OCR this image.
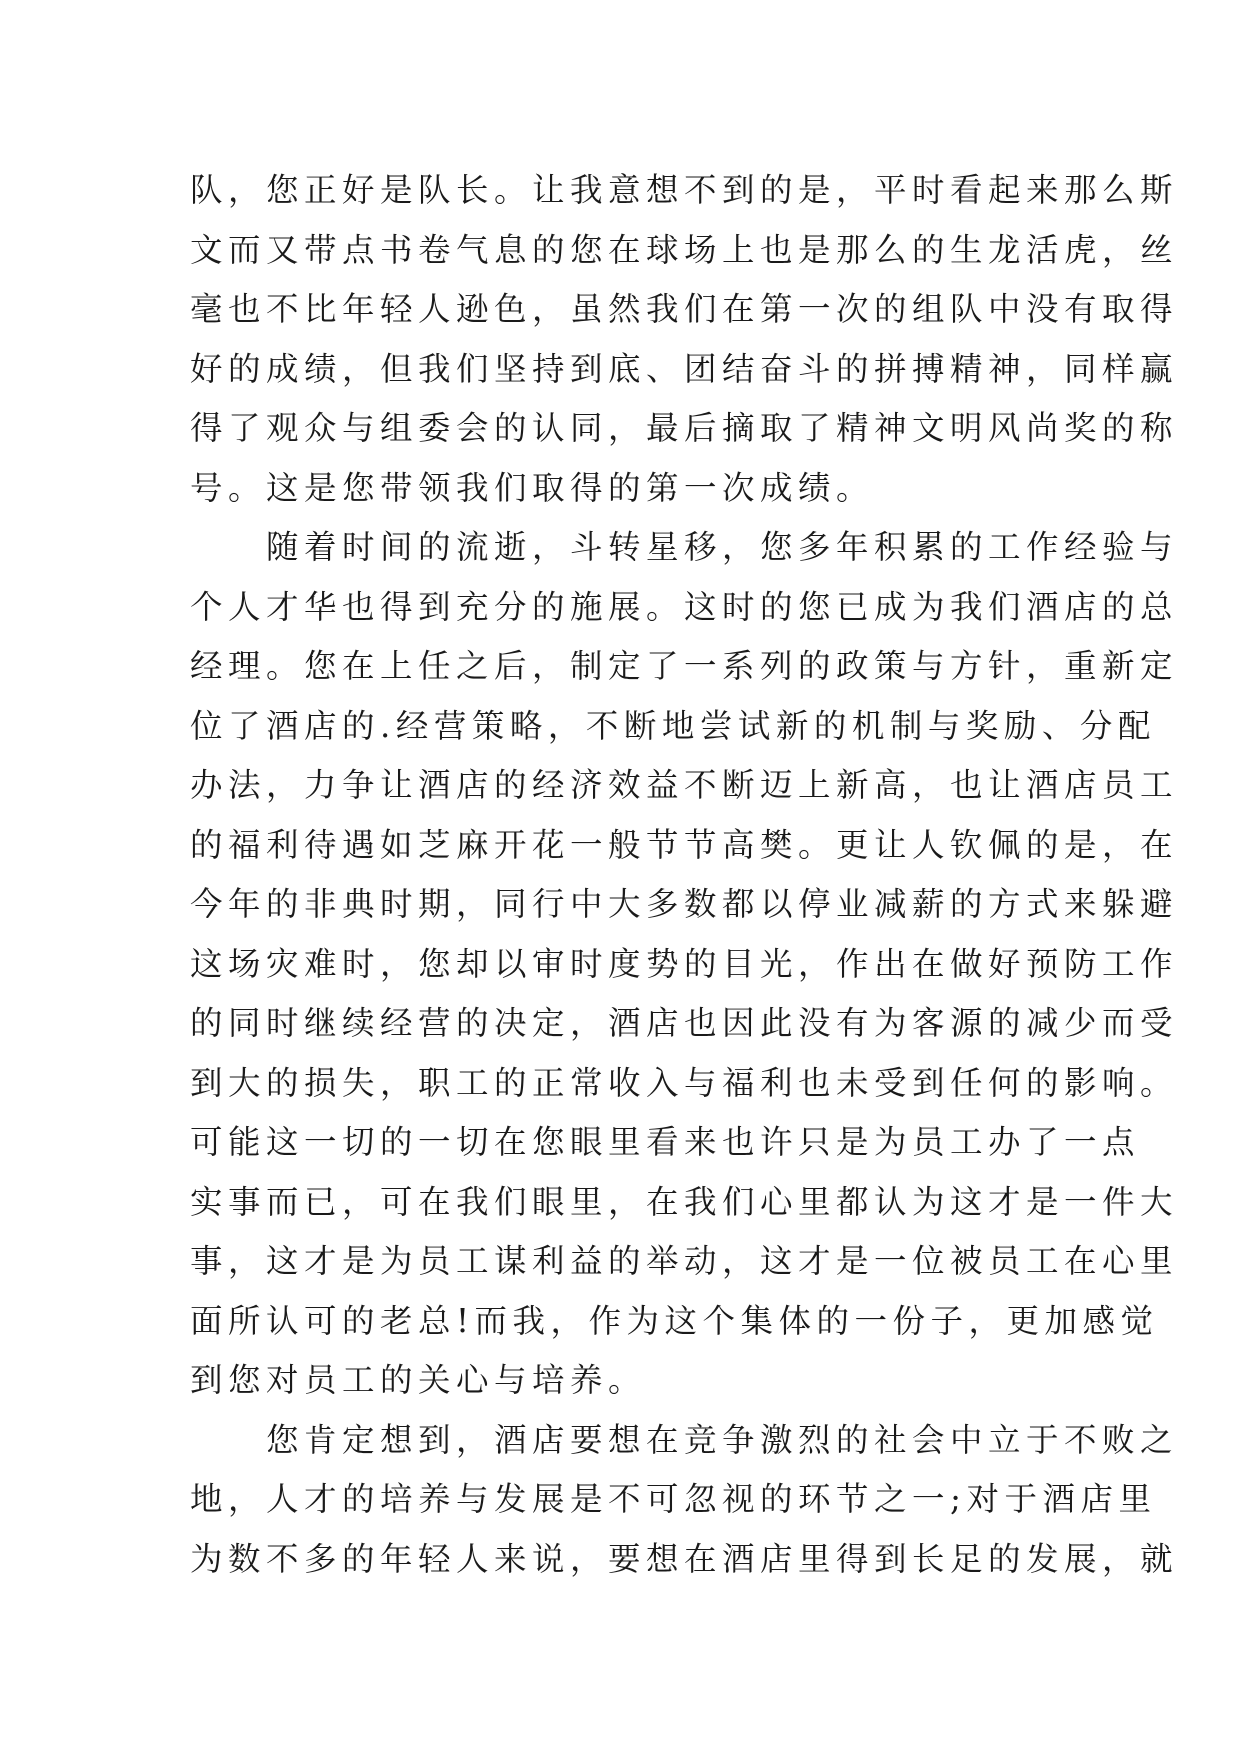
队，您正好是队长。让我意想不到的是，平时看起来那么斯
文而又带点书卷气息的您在球场上也是那么的生龙活虎，丝
毫也不比年轻人逊色，虽然我们在第一次的组队中没有取得
好的成绩，但我们坚持到底、团结奋斗的拼搏精神，同样赢
得了观众与组委会的认同，最后摘取了精神文明风尚奖的称
号。这是您带领我们取得的第一次成绩。
　　随着时间的流逝，斗转星移，您多年积累的工作经验与
个人才华也得到充分的施展。这时的您已成为我们酒店的总
经理。您在上任之后，制定了一系列的政策与方针，重新定
位了酒店的.经营策略，不断地尝试新的机制与奖励、分配
办法，力争让酒店的经济效益不断迈上新高，也让酒店员工
的福利待遇如芝麻开花一般节节高樊。更让人钦佩的是，在
今年的非典时期，同行中大多数都以停业减薪的方式来躲避
这场灾难时，您却以审时度势的目光，作出在做好预防工作
的同时继续经营的决定，酒店也因此没有为客源的减少而受
到大的损失，职工的正常收入与福利也未受到任何的影响。
可能这一切的一切在您眼里看来也许只是为员工办了一点
实事而已，可在我们眼里，在我们心里都认为这才是一件大
事，这才是为员工谋利益的举动，这才是一位被员工在心里
面所认可的老总!而我，作为这个集体的一份子，更加感觉
到您对员工的关心与培养。
　　您肯定想到，酒店要想在竞争激烈的社会中立于不败之
地，人才的培养与发展是不可忽视的环节之一;对于酒店里
为数不多的年轻人来说，要想在酒店里得到长足的发展，就
